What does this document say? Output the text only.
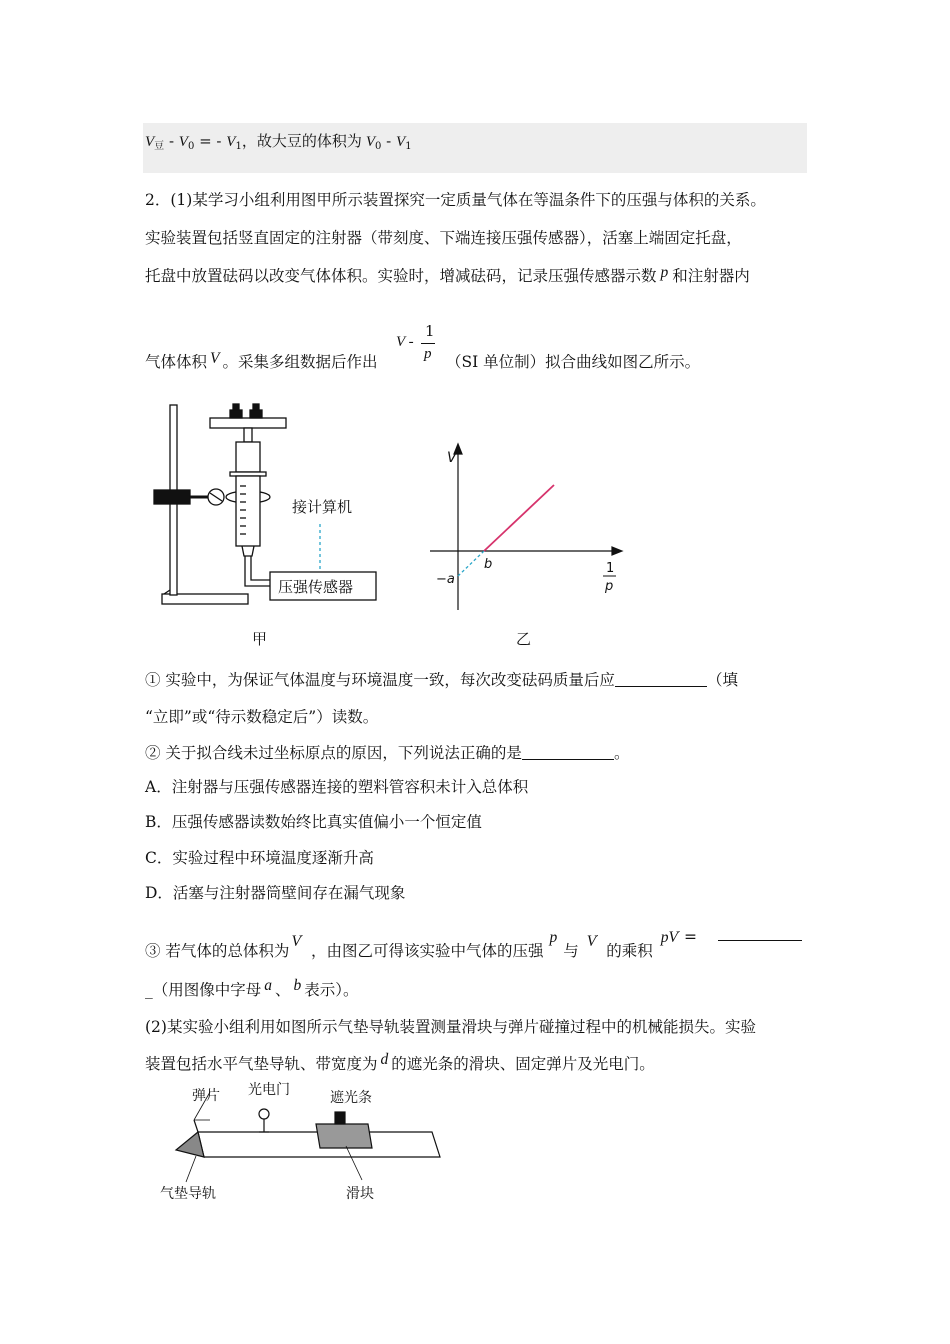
$V_豆 - V_0$ = - $V_1$，故大豆的体积为 $V_0 - V_1$
2．(1)某学习小组利用图甲所示装置探究一定质量气体在等温条件下的压强与体积的关系。
实验装置包括竖直固定的注射器（带刻度、下端连接压强传感器），活塞上端固定托盘，
托盘中放置砝码以改变气体体积。实验时，增减砝码，记录压强传感器示数 p 和注射器内
气体体积 V 。采集多组数据后作出
V -
1
p （SI 单位制）拟合曲线如图乙所示。
接计算机
压强传感器
甲
V
b
−a
1
p
乙
① 实验中，为保证气体温度与环境温度一致，每次改变砝码质量后应	（填
“立即”或“待示数稳定后”）读数。
② 关于拟合线未过坐标原点的原因，下列说法正确的是	。
A．注射器与压强传感器连接的塑料管容积未计入总体积
B．压强传感器读数始终比真实值偏小一个恒定值
C．实验过程中环境温度逐渐升高
D．活塞与注射器筒壁间存在漏气现象
③ 若气体的总体积为V′，由图乙可得该实验中气体的压强p与V′的乘积pV′ =
_（用图像中字母 a 、 b 表示）。
(2)某实验小组利用如图所示气垫导轨装置测量滑块与弹片碰撞过程中的机械能损失。实验
装置包括水平气垫导轨、带宽度为 d 的遮光条的滑块、固定弹片及光电门。
弹片 光电门	遮光条
气垫导轨	滑块
